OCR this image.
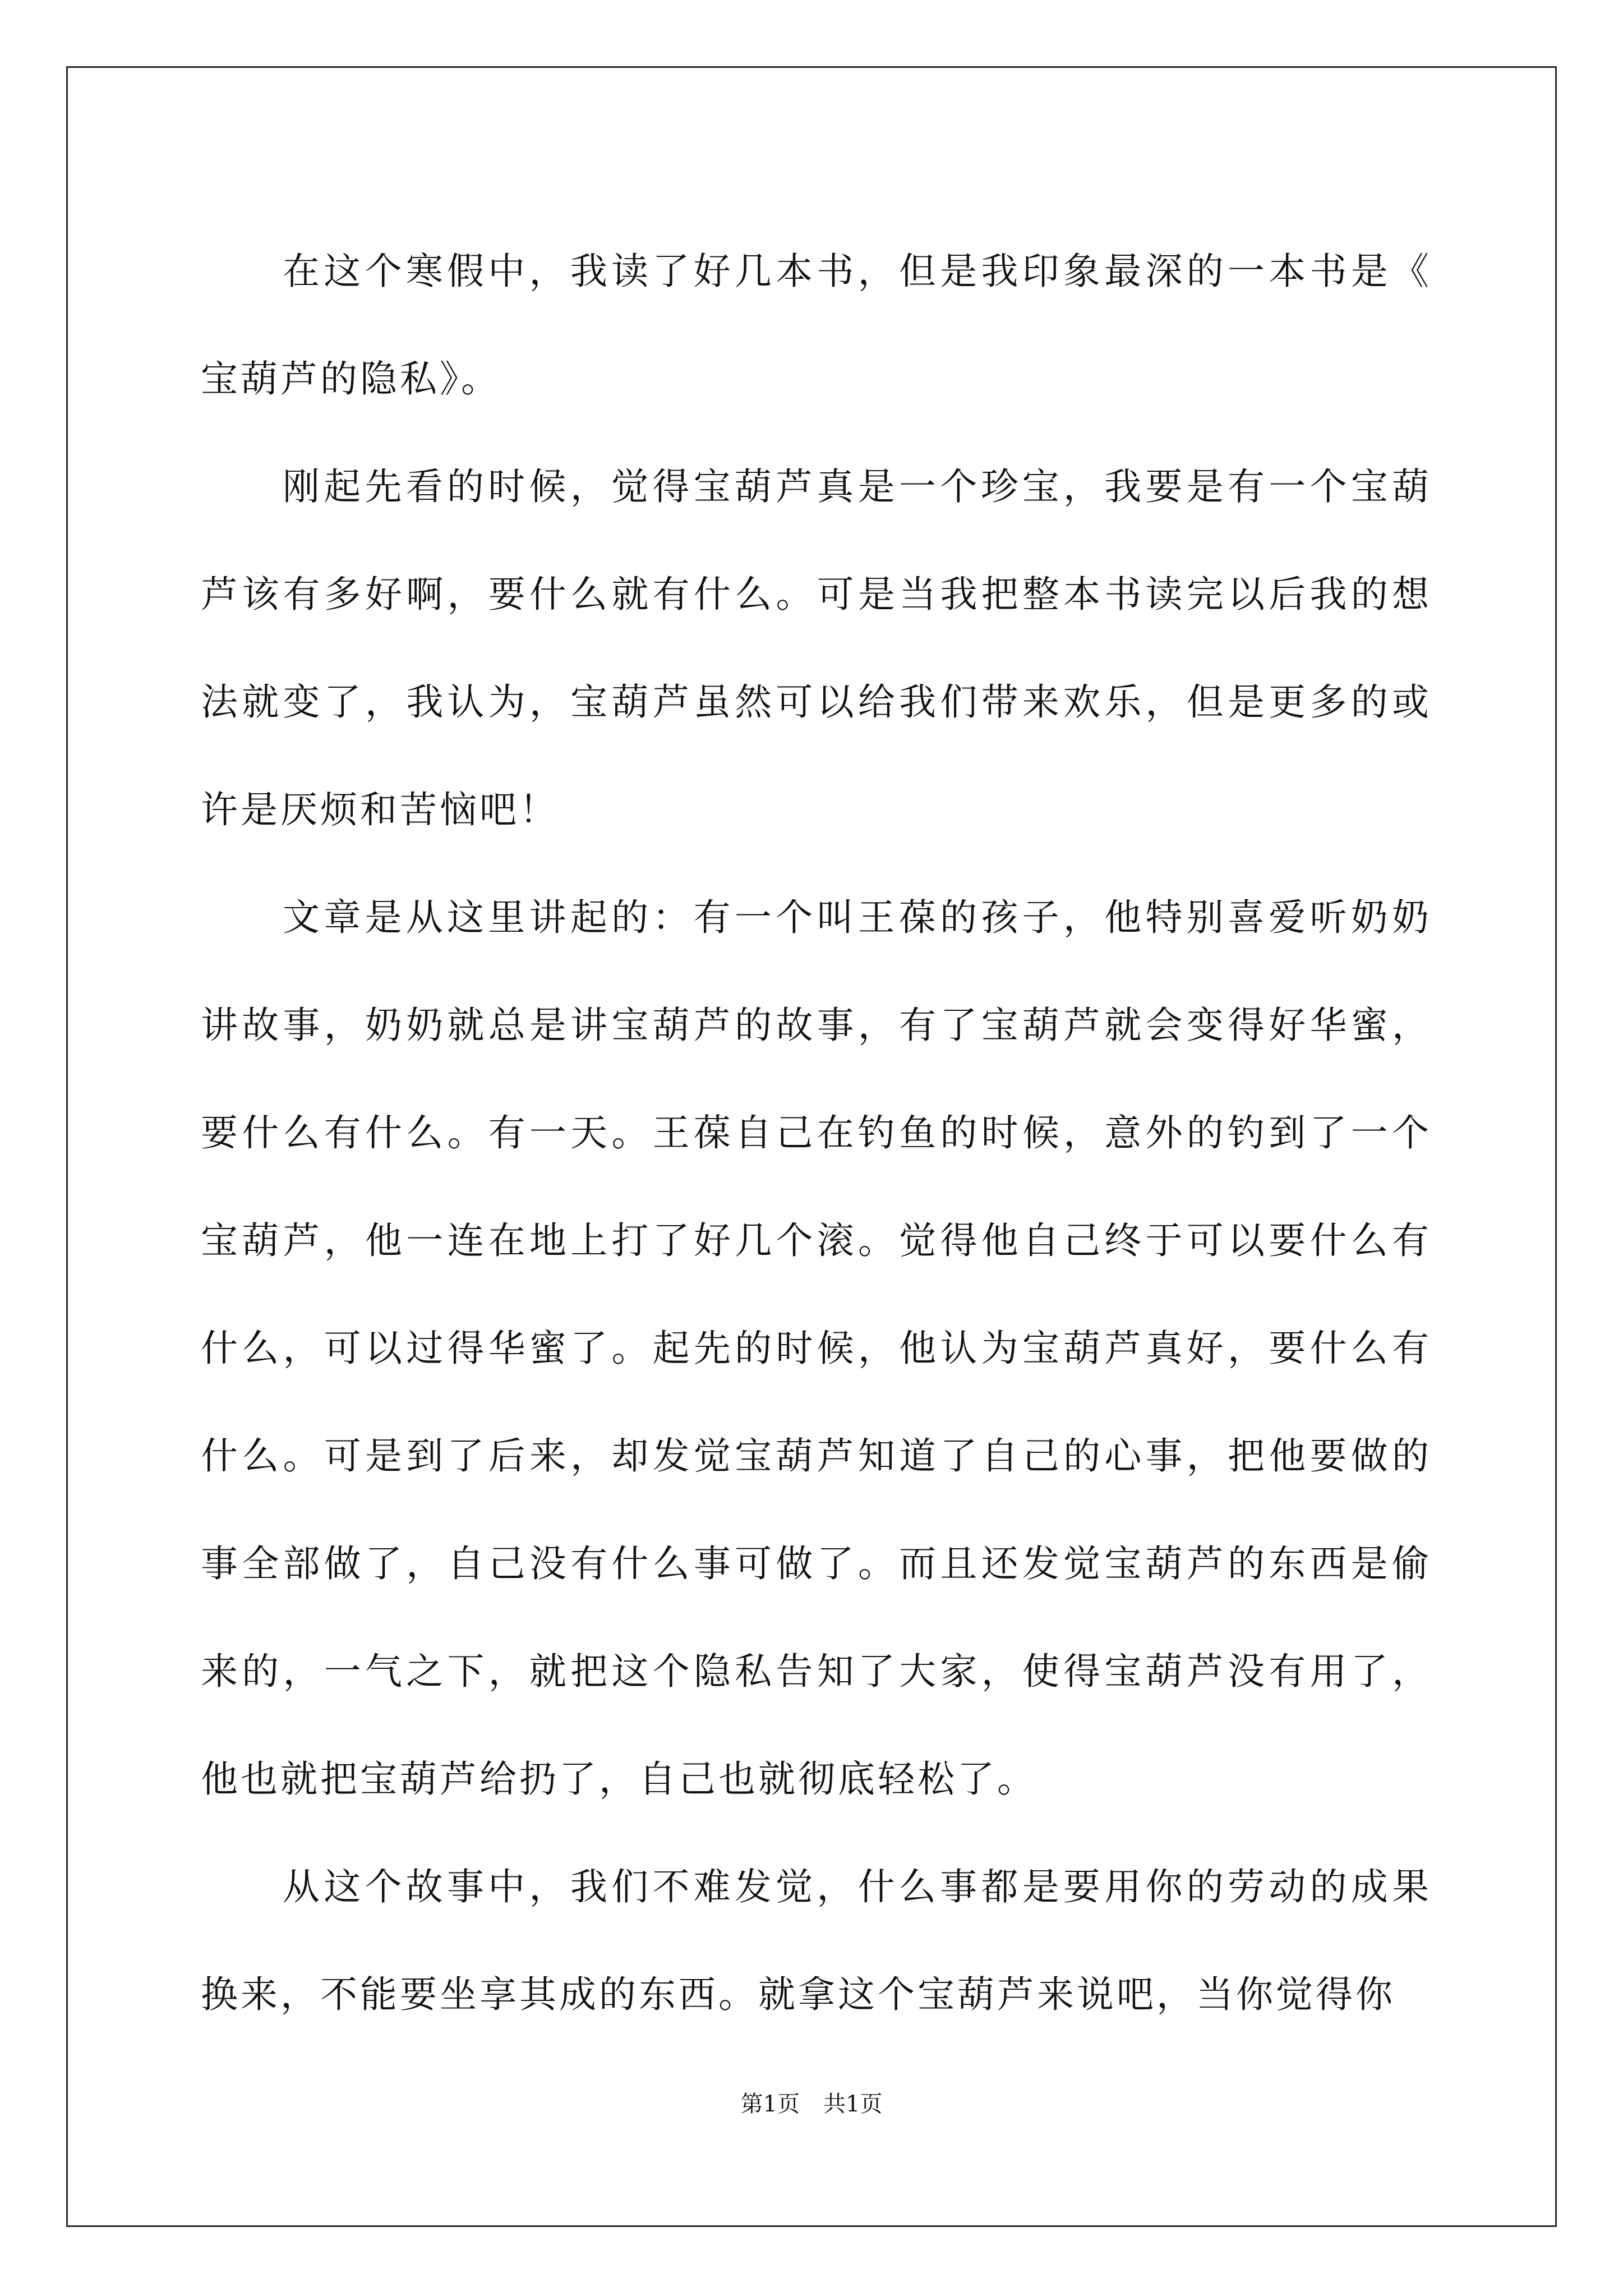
在这个寒假中，我读了好几本书，但是我印象最深的一本书是《宝葫芦的隐私》。

刚起先看的时候，觉得宝葫芦真是一个珍宝，我要是有一个宝葫芦该有多好啊，要什么就有什么。可是当我把整本书读完以后我的想法就变了，我认为，宝葫芦虽然可以给我们带来欢乐，但是更多的或许是厌烦和苦恼吧！

文章是从这里讲起的：有一个叫王葆的孩子，他特别喜爱听奶奶讲故事，奶奶就总是讲宝葫芦的故事，有了宝葫芦就会变得好华蜜，要什么有什么。有一天。王葆自己在钓鱼的时候，意外的钓到了一个宝葫芦，他一连在地上打了好几个滚。觉得他自己终于可以要什么有什么，可以过得华蜜了。起先的时候，他认为宝葫芦真好，要什么有什么。可是到了后来，却发觉宝葫芦知道了自己的心事，把他要做的事全部做了，自己没有什么事可做了。而且还发觉宝葫芦的东西是偷来的，一气之下，就把这个隐私告知了大家，使得宝葫芦没有用了，他也就把宝葫芦给扔了，自己也就彻底轻松了。

从这个故事中，我们不难发觉，什么事都是要用你的劳动的成果换来，不能要坐享其成的东西。就拿这个宝葫芦来说吧，当你觉得你

第1页 共1页
